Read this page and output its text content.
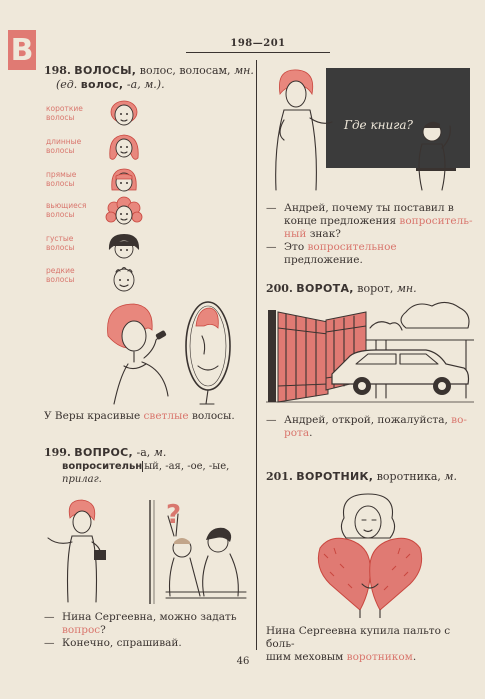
В	198—201
198. ВОЛОСЫ, волос, волосам, мн.
(ед. волос, -а, м.).
короткие
волосы
длинные
волосы
прямые
волосы
вьющиеся
волосы
густые
волосы
редкие
волосы
У Веры красивые светлые волосы.
199. ВОПРОС, -а, м.
вопросительн ый, -ая, -ое, -ые,
прилаг.
?
— Нина Сергеевна, можно задать
вопрос?
— Конечно, спрашивай.
Где книга?
— Андрей, почему ты поставил в
конце предложения вопроситель-
ный знак?
— Это вопросительное предложение.
200. ВОРОТА, ворот, мн.
— Андрей, открой, пожалуйста, во-
рота.
201. ВОРОТНИК, воротника, м.
Нина Сергеевна купила пальто с боль-
шим меховым воротником.
46
